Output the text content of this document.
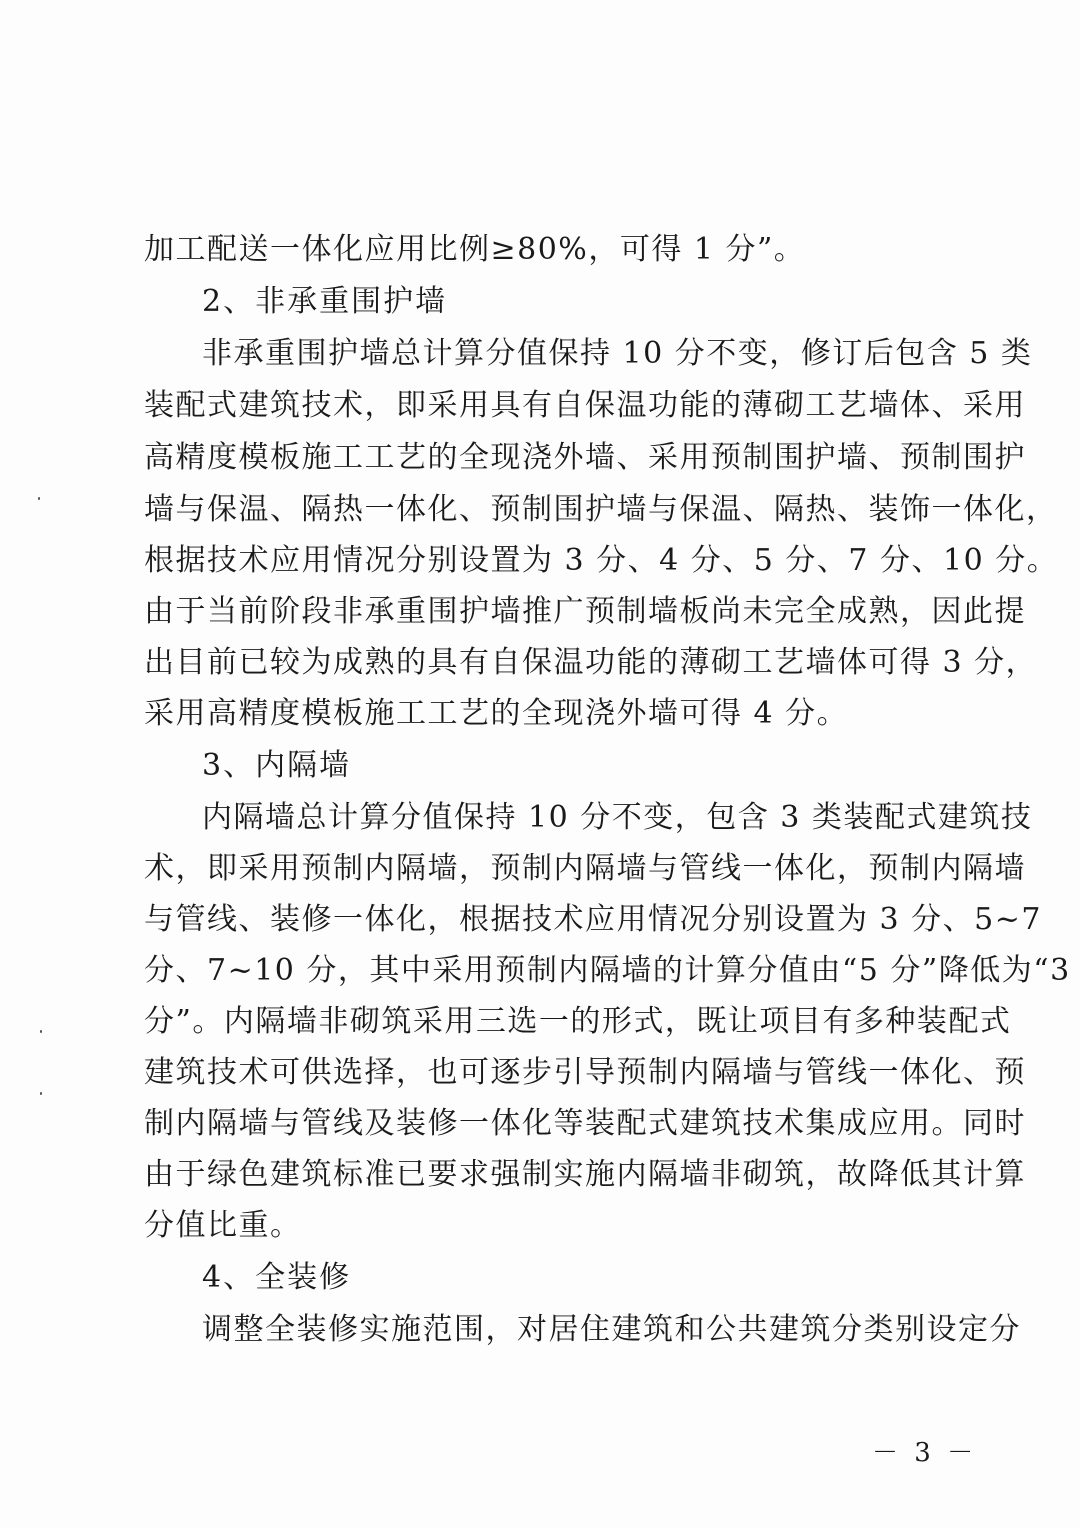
加工配送一体化应用比例≥80%，可得 1 分”。
2、非承重围护墙
非承重围护墙总计算分值保持 10 分不变，修订后包含 5 类
装配式建筑技术，即采用具有自保温功能的薄砌工艺墙体、采用
高精度模板施工工艺的全现浇外墙、采用预制围护墙、预制围护
墙与保温、隔热一体化、预制围护墙与保温、隔热、装饰一体化，
根据技术应用情况分别设置为 3 分、4 分、5 分、7 分、10 分。
由于当前阶段非承重围护墙推广预制墙板尚未完全成熟，因此提
出目前已较为成熟的具有自保温功能的薄砌工艺墙体可得 3 分，
采用高精度模板施工工艺的全现浇外墙可得 4 分。
3、内隔墙
内隔墙总计算分值保持 10 分不变，包含 3 类装配式建筑技
术，即采用预制内隔墙，预制内隔墙与管线一体化，预制内隔墙
与管线、装修一体化，根据技术应用情况分别设置为 3 分、5~7
分、7~10 分，其中采用预制内隔墙的计算分值由“5 分”降低为“3
分”。内隔墙非砌筑采用三选一的形式，既让项目有多种装配式
建筑技术可供选择，也可逐步引导预制内隔墙与管线一体化、预
制内隔墙与管线及装修一体化等装配式建筑技术集成应用。同时
由于绿色建筑标准已要求强制实施内隔墙非砌筑，故降低其计算
分值比重。
4、全装修
调整全装修实施范围，对居住建筑和公共建筑分类别设定分
－ 3 －
